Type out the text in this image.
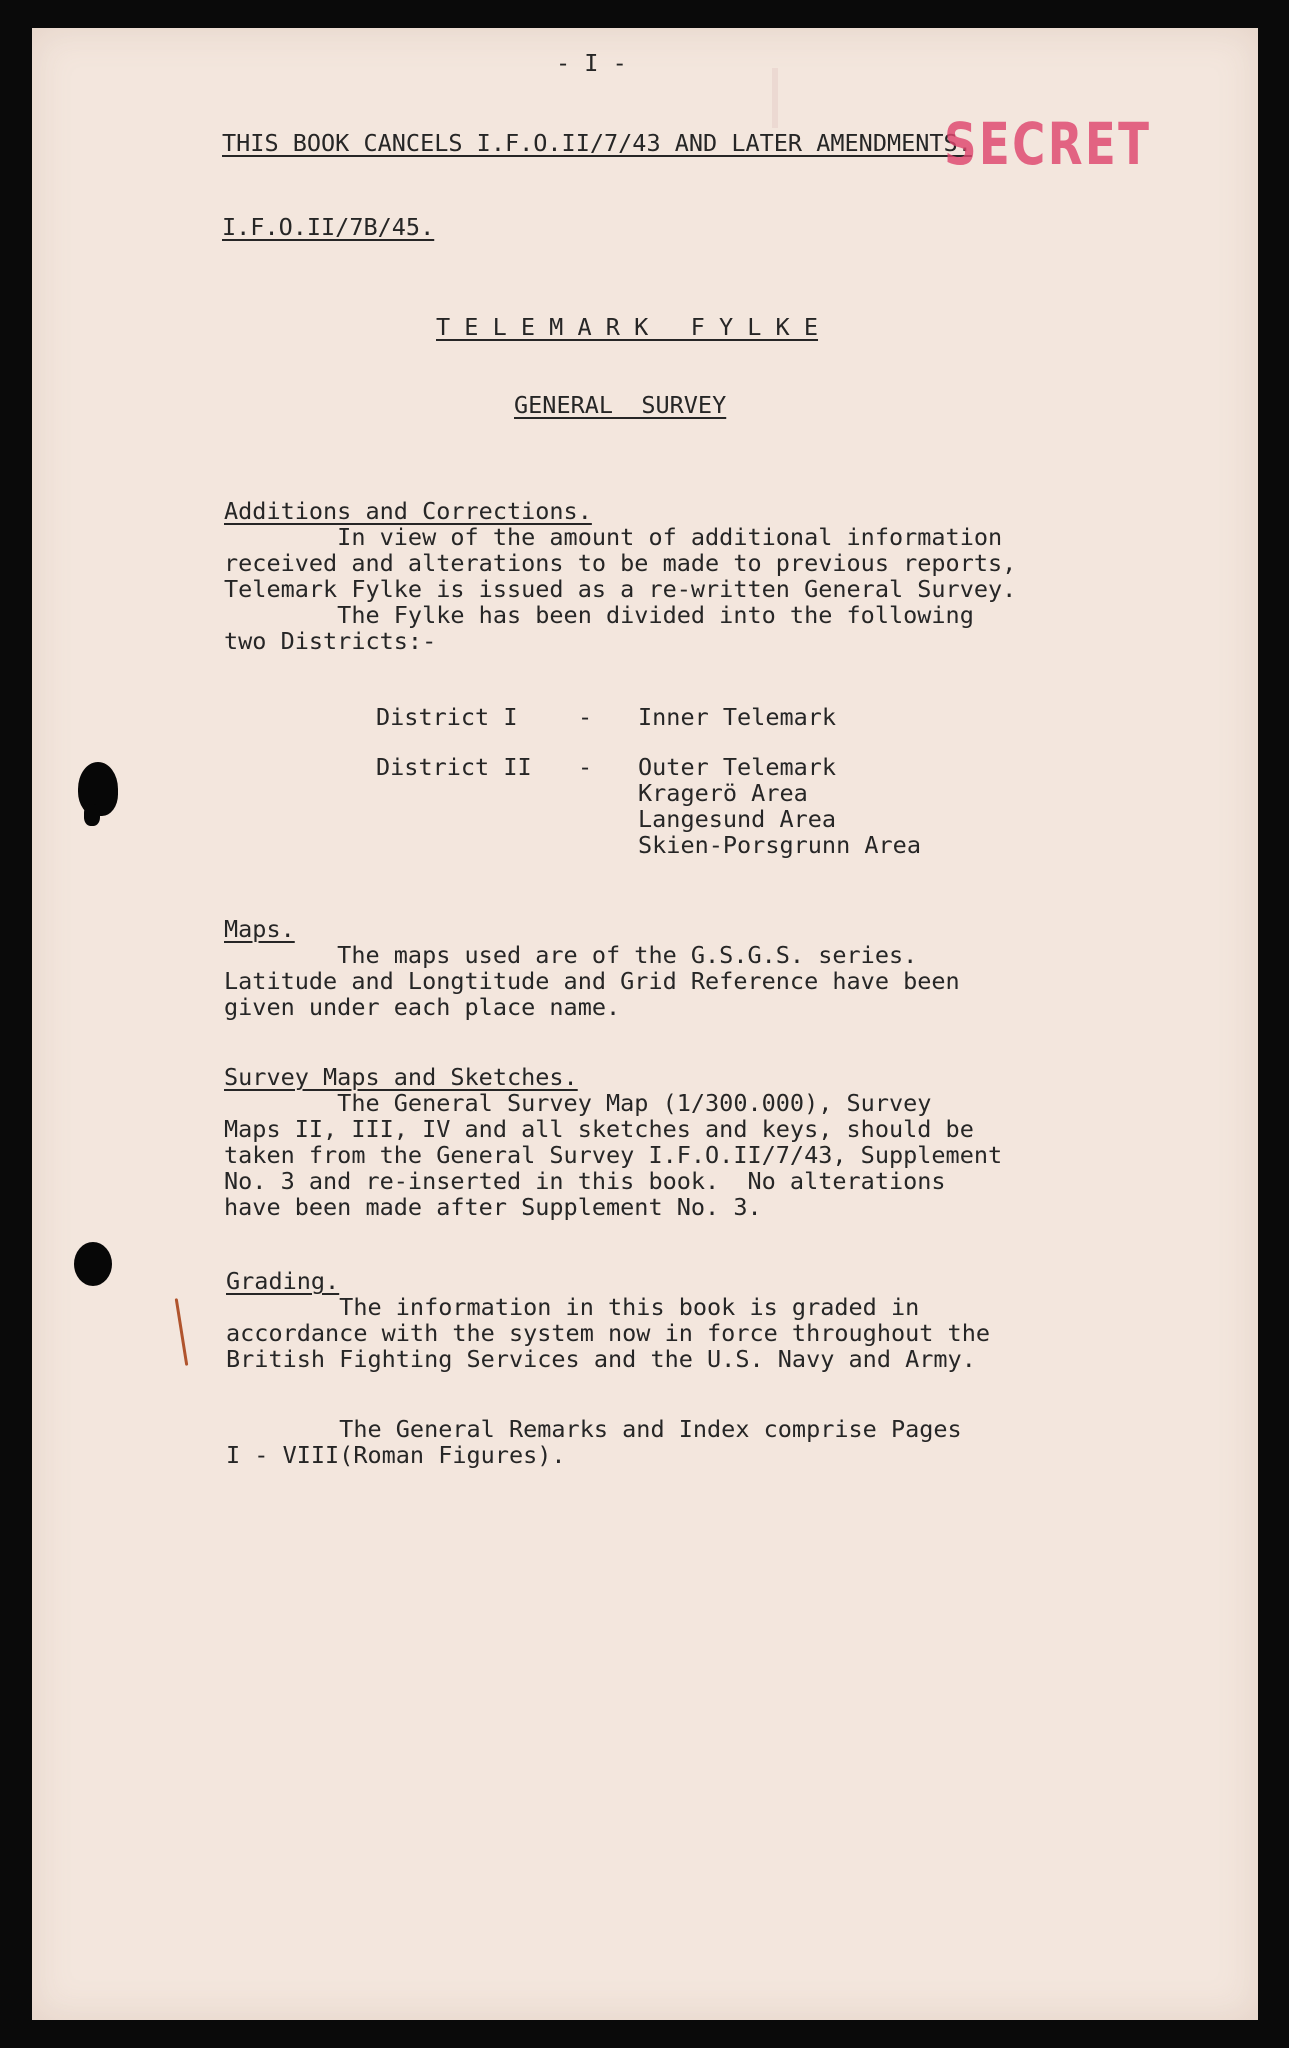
- I -

THIS BOOK CANCELS I.F.O.II/7/43 AND LATER AMENDMENTS.

SECRET

I.F.O.II/7B/45.

T E L E M A R K   F Y L K E

GENERAL  SURVEY

Additions and Corrections.

In view of the amount of additional information

received and alterations to be made to previous reports,

Telemark Fylke is issued as a re-written General Survey.

The Fylke has been divided into the following

two Districts:-

District I	- Inner Telemark

District II - Outer Telemark

Kragerö Area

Langesund Area

Skien-Porsgrunn Area

Maps.

The maps used are of the G.S.G.S. series.

Latitude and Longtitude and Grid Reference have been

given under each place name.

Survey Maps and Sketches.

The General Survey Map (1/300.000), Survey

Maps II, III, IV and all sketches and keys, should be

taken from the General Survey I.F.O.II/7/43, Supplement

No. 3 and re-inserted in this book.  No alterations

have been made after Supplement No. 3.

Grading.

The information in this book is graded in

accordance with the system now in force throughout the

British Fighting Services and the U.S. Navy and Army.

The General Remarks and Index comprise Pages

I - VIII(Roman Figures).
